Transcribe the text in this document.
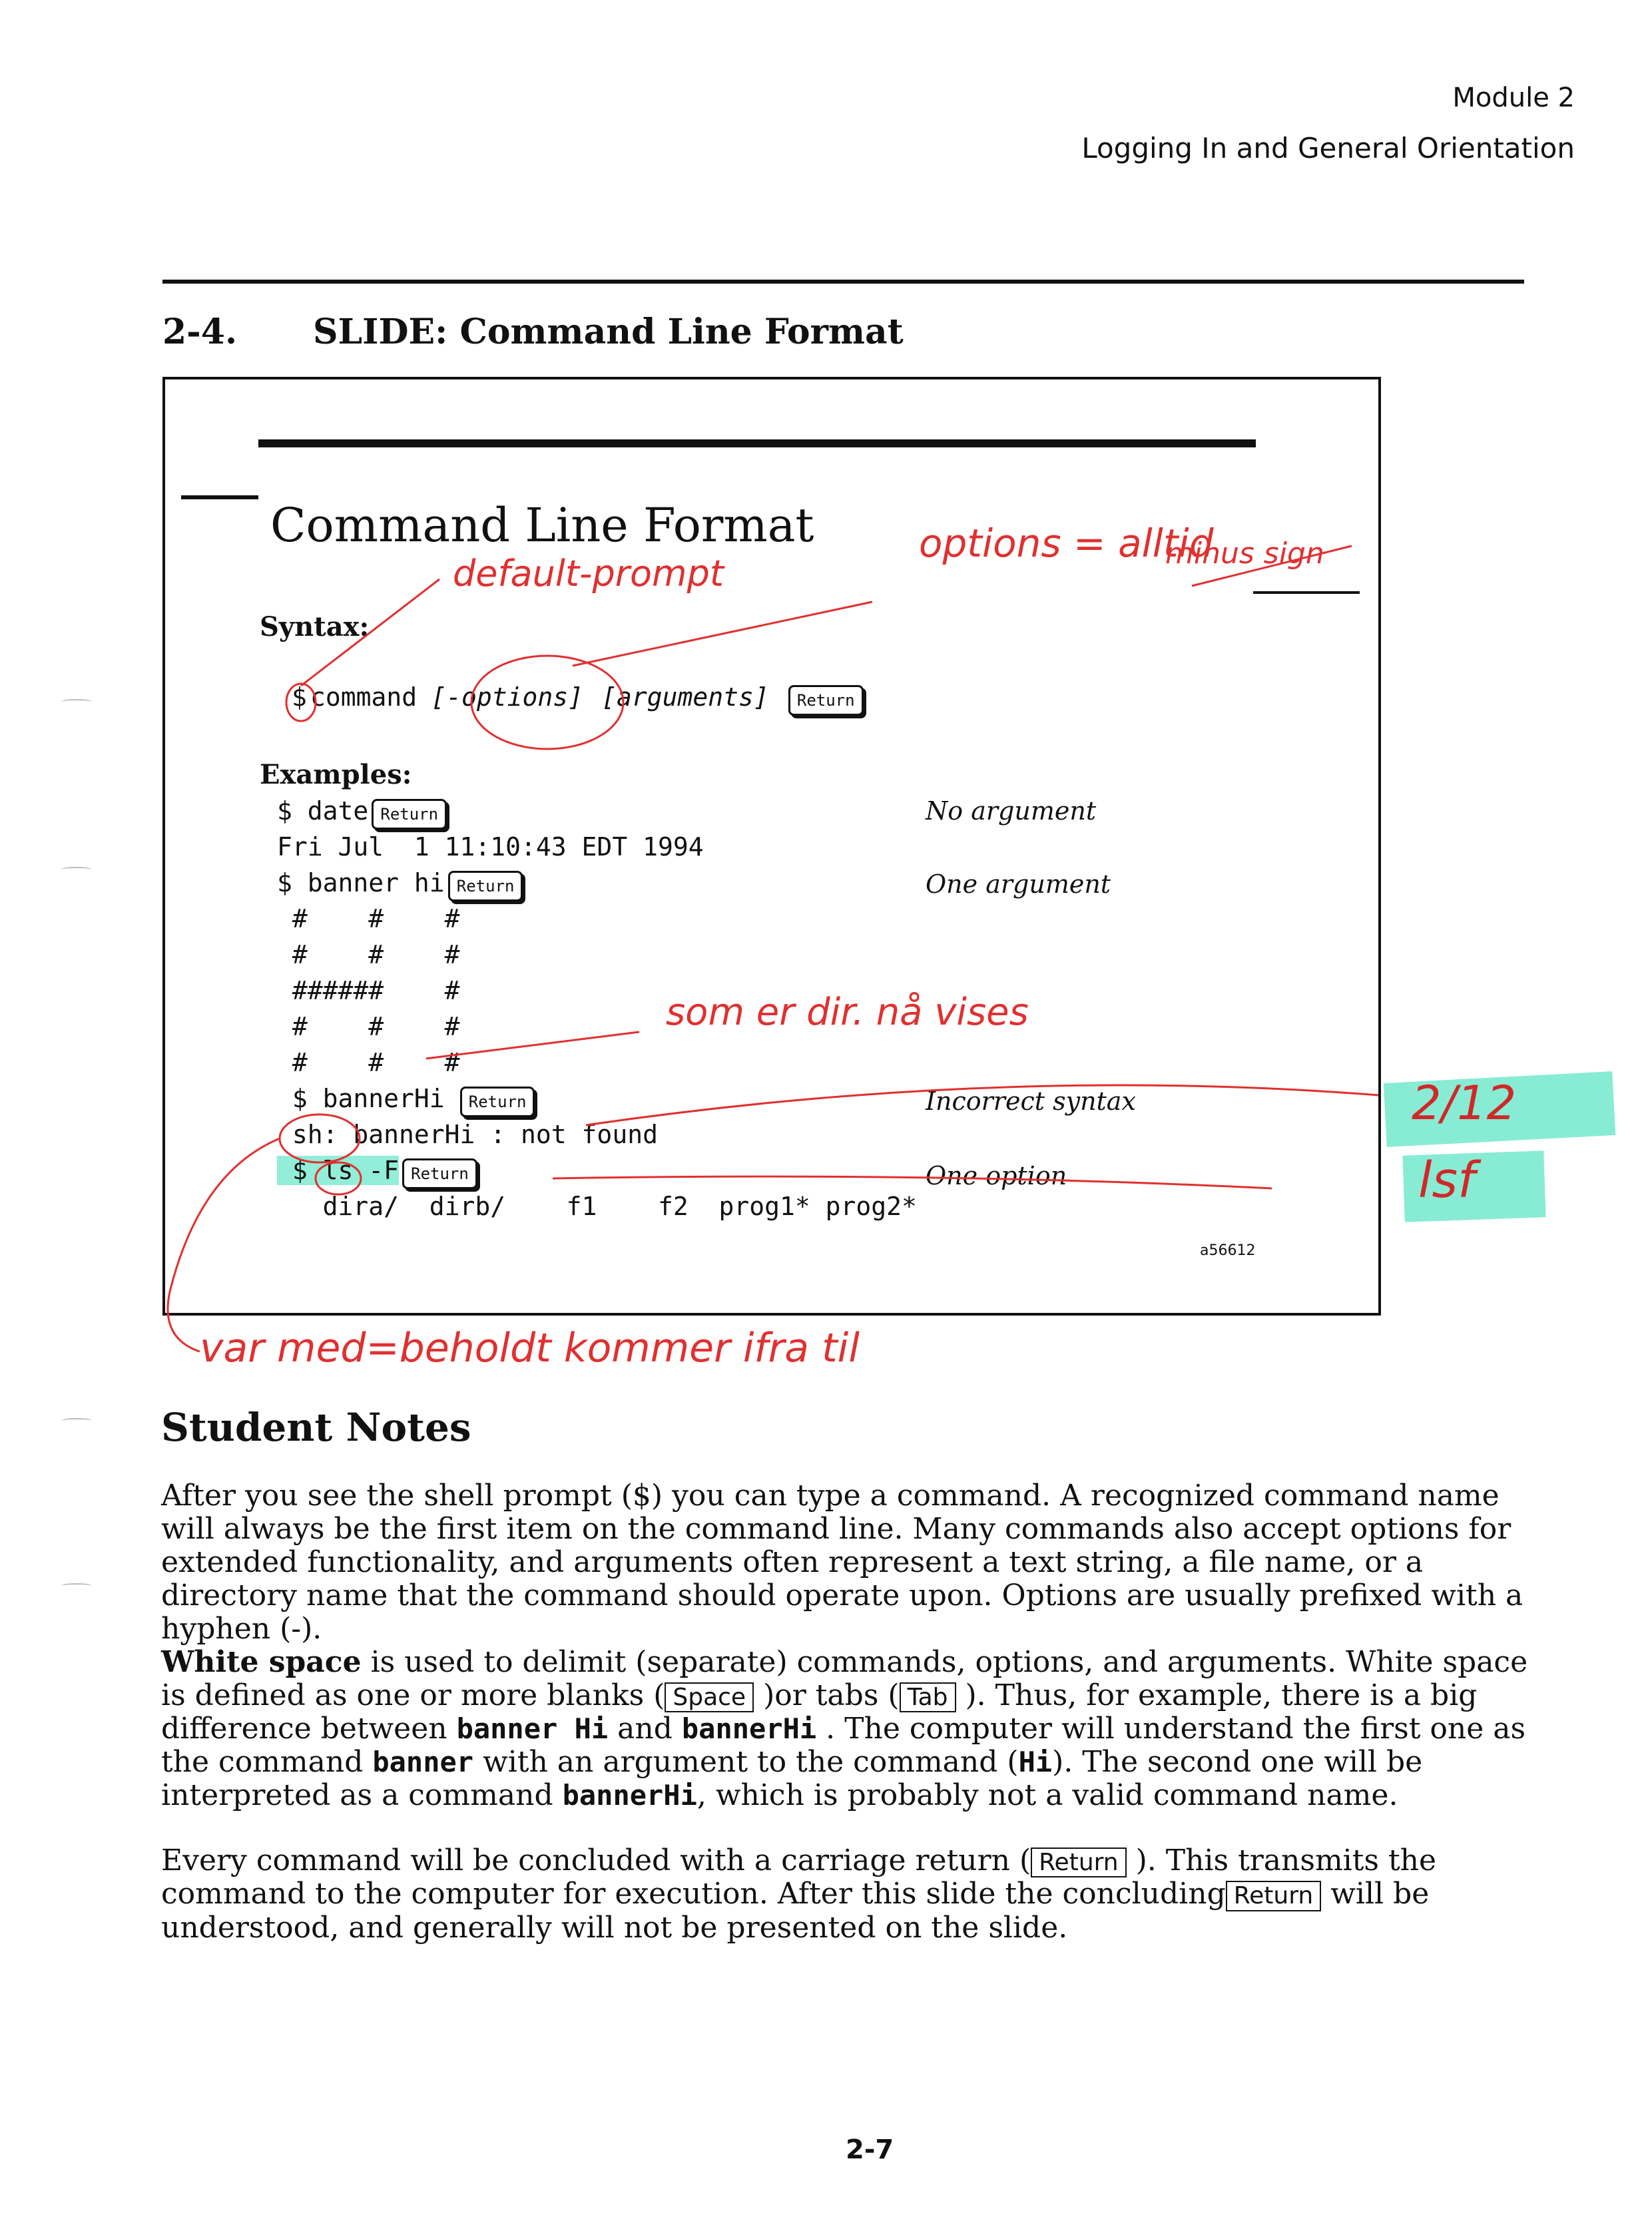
Module 2
Logging In and General Orientation
2-4. SLIDE: Command Line Format
Command Line Format
Syntax:
$ command [-options] [arguments] Return
Examples:
$ date Return
Fri Jul  1 11:10:43 EDT 1994
$ banner hi Return
#    #    #
#    #    #
######    #
#    #    #
#    #    #
$ bannerHi Return
sh: bannerHi : not found
$ ls -F Return
dira/  dirb/    f1    f2  prog1* prog2*
No argument
One argument
Incorrect syntax
One option
a56612
default-prompt
options = alltid
minus sign
som er dir. nå vises
var med=beholdt kommer ifra til
2/12
lsf
Student Notes
After you see the shell prompt ($) you can type a command. A recognized command name will always be the first item on the command line. Many commands also accept options for extended functionality, and arguments often represent a text string, a file name, or a directory name that the command should operate upon. Options are usually prefixed with a hyphen (-).
White space is used to delimit (separate) commands, options, and arguments. White space is defined as one or more blanks ( Space )or tabs ( Tab ). Thus, for example, there is a big difference between banner Hi and bannerHi . The computer will understand the first one as the command banner with an argument to the command (Hi). The second one will be interpreted as a command bannerHi, which is probably not a valid command name.
Every command will be concluded with a carriage return ( Return ). This transmits the command to the computer for execution. After this slide the concluding Return will be understood, and generally will not be presented on the slide.
2-7
